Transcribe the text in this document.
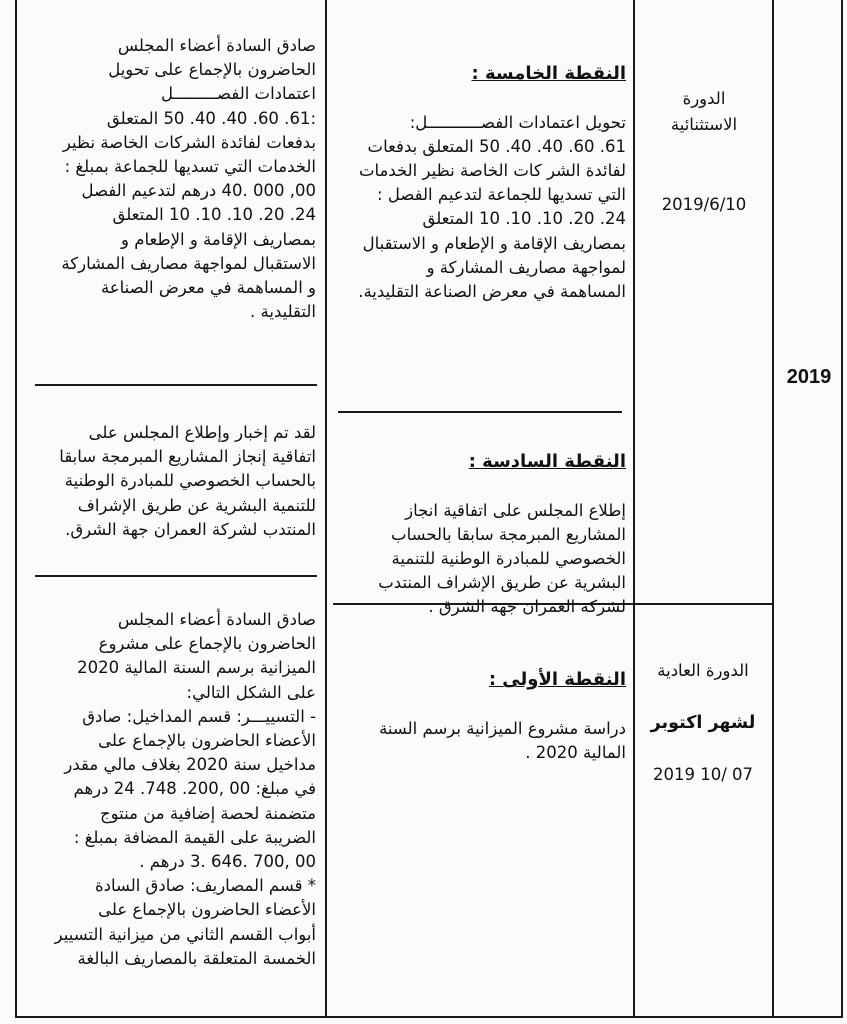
2019

الدورة
الاستثنائية

2019/6/10

النقطة الخامسة :

تحويل اعتمادات الفصـــــــــــل:
61. 60. 40. 40. 50 المتعلق بدفعات
لفائدة الشر كات الخاصة نظير الخدمات
التي تسديها للجماعة لتدعيم الفصل :
24. 20. 10. 10. 10 المتعلق
بمصاريف الإقامة و الإطعام و الاستقبال
لمواجهة مصاريف المشاركة و
المساهمة في معرض الصناعة التقليدية.

صادق السادة أعضاء المجلس
الحاضرون بالإجماع على تحويل
اعتمادات الفصـــــــــل
:61. 60. 40. 40. 50 المتعلق
بدفعات لفائدة الشركات الخاصة نظير
الخدمات التي تسديها للجماعة بمبلغ :
00, 000 .40 درهم لتدعيم الفصل
24. 20. 10. 10. 10 المتعلق
بمصاريف الإقامة و الإطعام و
الاستقبال لمواجهة مصاريف المشاركة
و المساهمة في معرض الصناعة
التقليدية .

النقطة السادسة :

إطلاع المجلس على اتفاقية انجاز
المشاريع المبرمجة سابقا بالحساب
الخصوصي للمبادرة الوطنية للتنمية
البشرية عن طريق الإشراف المنتدب
لشركة العمران جهة الشرق .

لقد تم إخبار وإطلاع المجلس على
اتفاقية إنجاز المشاريع المبرمجة سابقا
بالحساب الخصوصي للمبادرة الوطنية
للتنمية البشرية عن طريق الإشراف
المنتدب لشركة العمران جهة الشرق.

الدورة العادية

لشهر اكتوبر

07 /10 2019

النقطة الأولى :

دراسة مشروع الميزانية برسم السنة
المالية 2020 .

صادق السادة أعضاء المجلس
الحاضرون بالإجماع على مشروع
الميزانية برسم السنة المالية 2020
على الشكل التالي:
- التسييـــر: قسم المداخيل: صادق
الأعضاء الحاضرون بالإجماع على
مداخيل سنة 2020 بغلاف مالي مقدر
في مبلغ: 00 ,200. 748. 24 درهم
متضمنة لحصة إضافية من منتوج
الضريبة على القيمة المضافة بمبلغ :
00 ,700 .646 .3 درهم .
* قسم المصاريف: صادق السادة
الأعضاء الحاضرون بالإجماع على
أبواب القسم الثاني من ميزانية التسيير
الخمسة المتعلقة بالمصاريف البالغة
